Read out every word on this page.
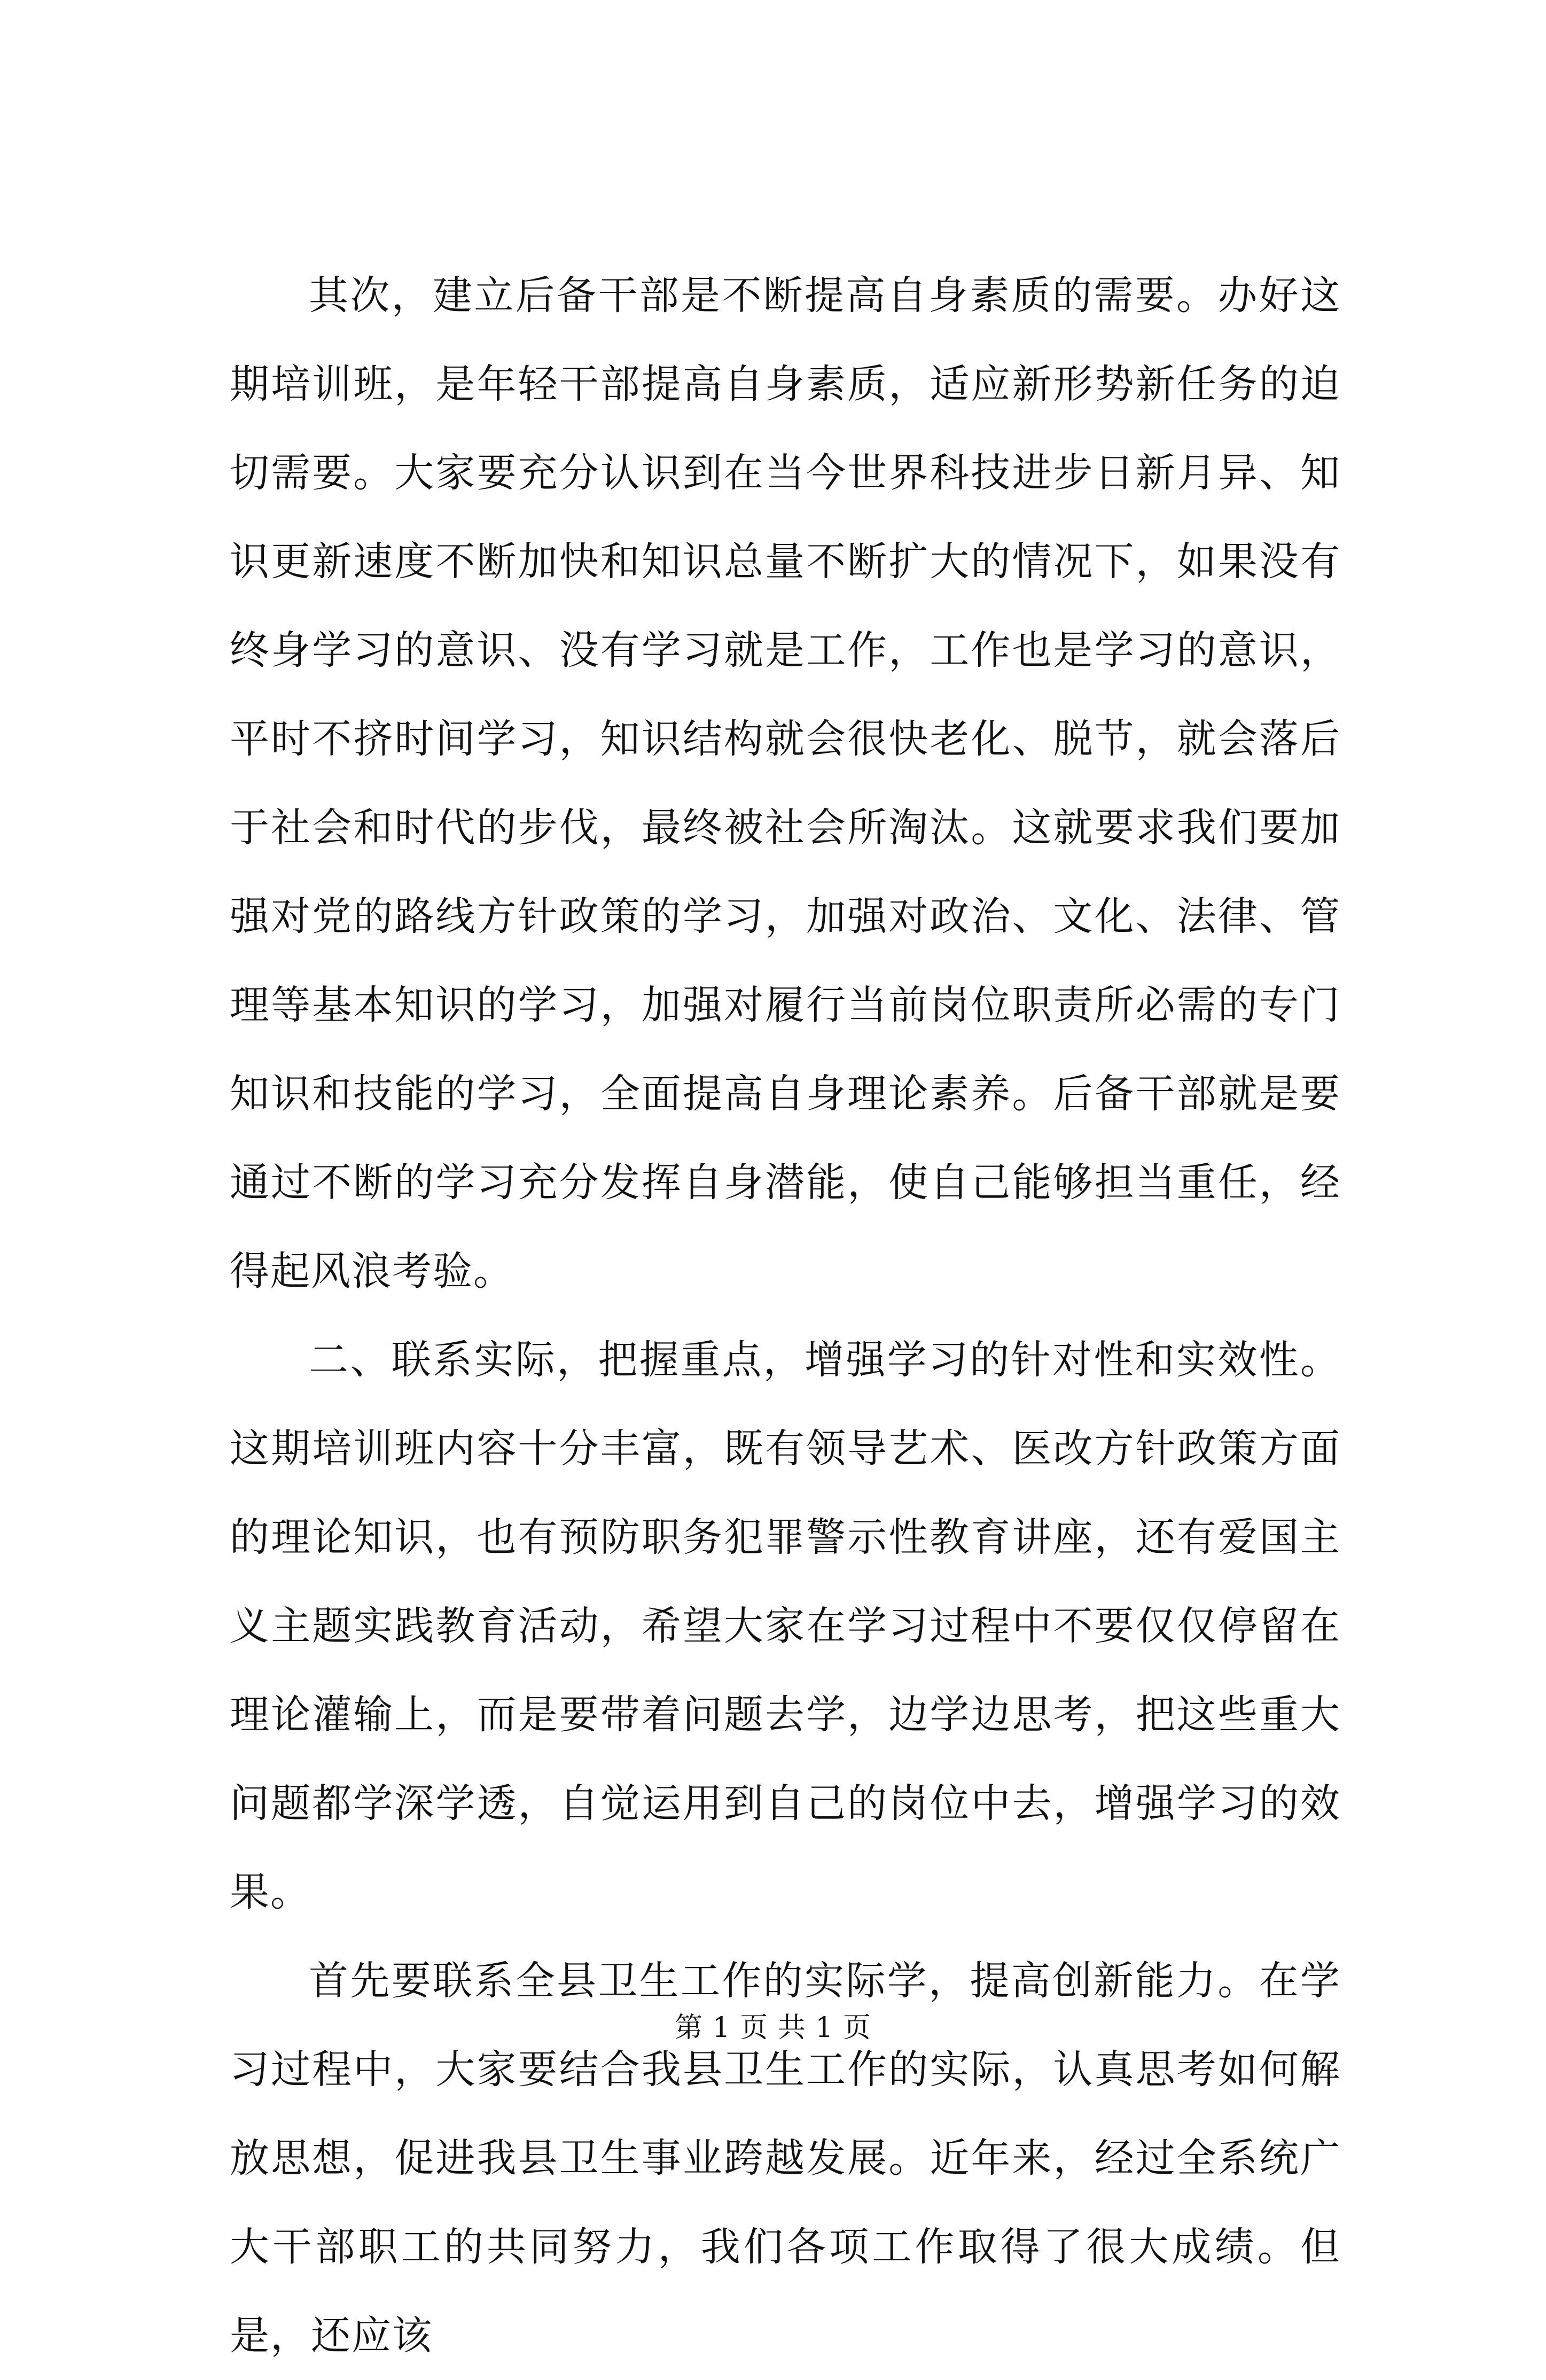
其次，建立后备干部是不断提高自身素质的需要。办好这期培训班，是年轻干部提高自身素质，适应新形势新任务的迫切需要。大家要充分认识到在当今世界科技进步日新月异、知识更新速度不断加快和知识总量不断扩大的情况下，如果没有终身学习的意识、没有学习就是工作，工作也是学习的意识，平时不挤时间学习，知识结构就会很快老化、脱节，就会落后于社会和时代的步伐，最终被社会所淘汰。这就要求我们要加强对党的路线方针政策的学习，加强对政治、文化、法律、管理等基本知识的学习，加强对履行当前岗位职责所必需的专门知识和技能的学习，全面提高自身理论素养。后备干部就是要通过不断的学习充分发挥自身潜能，使自己能够担当重任，经得起风浪考验。

二、联系实际，把握重点，增强学习的针对性和实效性。这期培训班内容十分丰富，既有领导艺术、医改方针政策方面的理论知识，也有预防职务犯罪警示性教育讲座，还有爱国主义主题实践教育活动，希望大家在学习过程中不要仅仅停留在理论灌输上，而是要带着问题去学，边学边思考，把这些重大问题都学深学透，自觉运用到自己的岗位中去，增强学习的效果。

首先要联系全县卫生工作的实际学，提高创新能力。在学习过程中，大家要结合我县卫生工作的实际，认真思考如何解放思想，促进我县卫生事业跨越发展。近年来，经过全系统广大干部职工的共同努力，我们各项工作取得了很大成绩。但是，还应该

第 1 页 共 1 页
